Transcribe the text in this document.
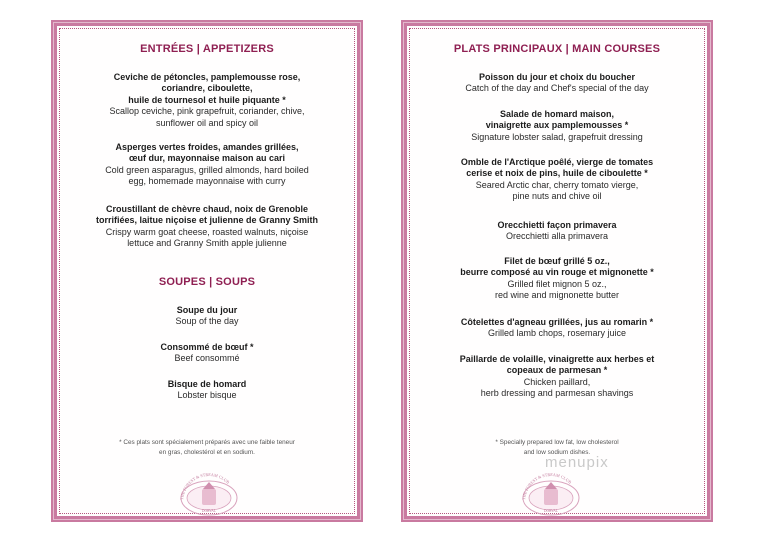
ENTRÉES | APPETIZERS
Ceviche de pétoncles, pamplemousse rose,
coriandre, ciboulette,
huile de tournesol et huile piquante *
Scallop ceviche, pink grapefruit, coriander, chive,
sunflower oil and spicy oil
Asperges vertes froides, amandes grillées,
œuf dur, mayonnaise maison au cari
Cold green asparagus, grilled almonds, hard boiled
egg, homemade mayonnaise with curry
Croustillant de chèvre chaud, noix de Grenoble
torrifiées, laitue niçoise et julienne de Granny Smith
Crispy warm goat cheese, roasted walnuts, niçoise
lettuce and Granny Smith apple julienne
SOUPES | SOUPS
Soupe du jour
Soup of the day
Consommé de bœuf *
Beef consommé
Bisque de homard
Lobster bisque
* Ces plats sont spécialement préparés avec une faible teneur
en gras, cholestérol et en sodium.
THE FOREST & STREAM CLUB
DORVAL
PLATS PRINCIPAUX | MAIN COURSES
Poisson du jour et choix du boucher
Catch of the day and Chef's special of the day
Salade de homard maison,
vinaigrette aux pamplemousses *
Signature lobster salad, grapefruit dressing
Omble de l'Arctique poêlé, vierge de tomates
cerise et noix de pins, huile de ciboulette *
Seared Arctic char, cherry tomato vierge,
pine nuts and chive oil
Orecchietti façon primavera
Orecchietti alla primavera
Filet de bœuf grillé 5 oz.,
beurre composé au vin rouge et mignonette *
Grilled filet mignon 5 oz.,
red wine and mignonette butter
Côtelettes d'agneau grillées, jus au romarin *
Grilled lamb chops, rosemary juice
Paillarde de volaille, vinaigrette aux herbes et
copeaux de parmesan *
Chicken paillard,
herb dressing and parmesan shavings
* Specially prepared low fat, low cholesterol
and low sodium dishes.
menupix
THE FOREST & STREAM CLUB
DORVAL
